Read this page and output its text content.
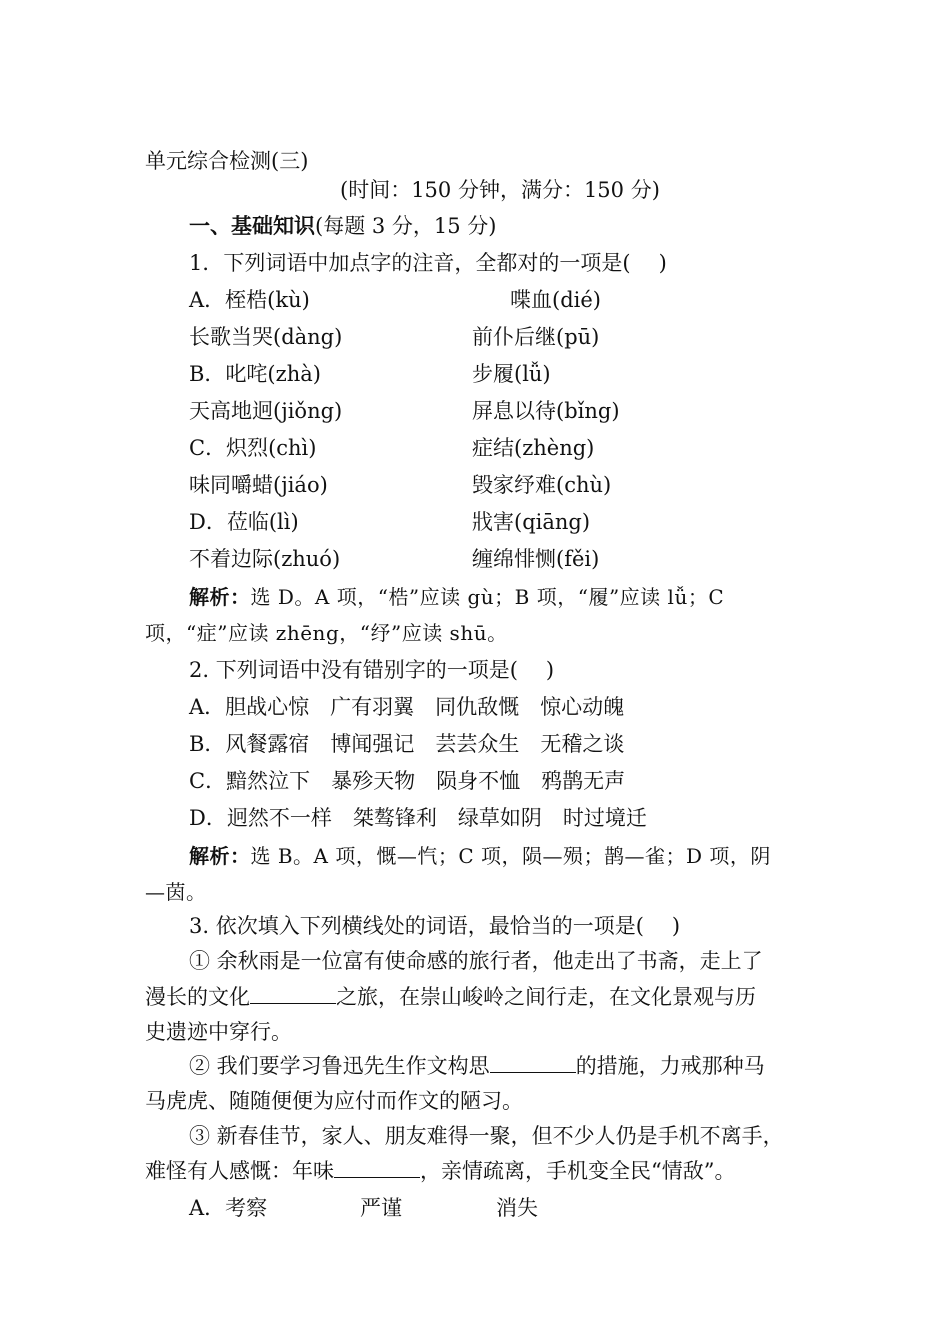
单元综合检测(三)
(时间：150 分钟，满分：150 分)
一、基础知识(每题 3 分，15 分)
1．下列词语中加点字的注音，全都对的一项是( )
A．桎梏(kù)	喋血(dié)
长歌当哭(dàng)	前仆后继(pū)
B．叱咤(zhà)	步履(lǚ)
天高地迥(jiǒng)	屏息以待(bǐng)
C．炽烈(chì)	症结(zhèng)
味同嚼蜡(jiáo)	毁家纾难(chù)
D．莅临(lì)	戕害(qiāng)
不着边际(zhuó)	缠绵悱恻(fěi)
解析：选 D。A 项，“梏”应读 gù；B 项，“履”应读 lǚ；C
项，“症”应读 zhēng，“纾”应读 shū。
2. 下列词语中没有错别字的一项是( )
A．胆战心惊　广有羽翼　同仇敌慨　惊心动魄
B．风餐露宿　博闻强记　芸芸众生　无稽之谈
C．黯然泣下　暴殄天物　陨身不恤　鸦鹊无声
D．迥然不一样　桀骜锋利　绿草如阴　时过境迁
解析：选 B。A 项，慨—忾；C 项，陨—殒；鹊—雀；D 项，阴
—茵。
3. 依次填入下列横线处的词语，最恰当的一项是( )
① 余秋雨是一位富有使命感的旅行者，他走出了书斋，走上了
漫长的文化	之旅，在崇山峻岭之间行走，在文化景观与历
史遗迹中穿行。
② 我们要学习鲁迅先生作文构思	的措施，力戒那种马
马虎虎、随随便便为应付而作文的陋习。
③ 新春佳节，家人、朋友难得一聚，但不少人仍是手机不离手，
难怪有人感慨：年味	，亲情疏离，手机变全民“情敌”。
A．考察	严谨	消失
